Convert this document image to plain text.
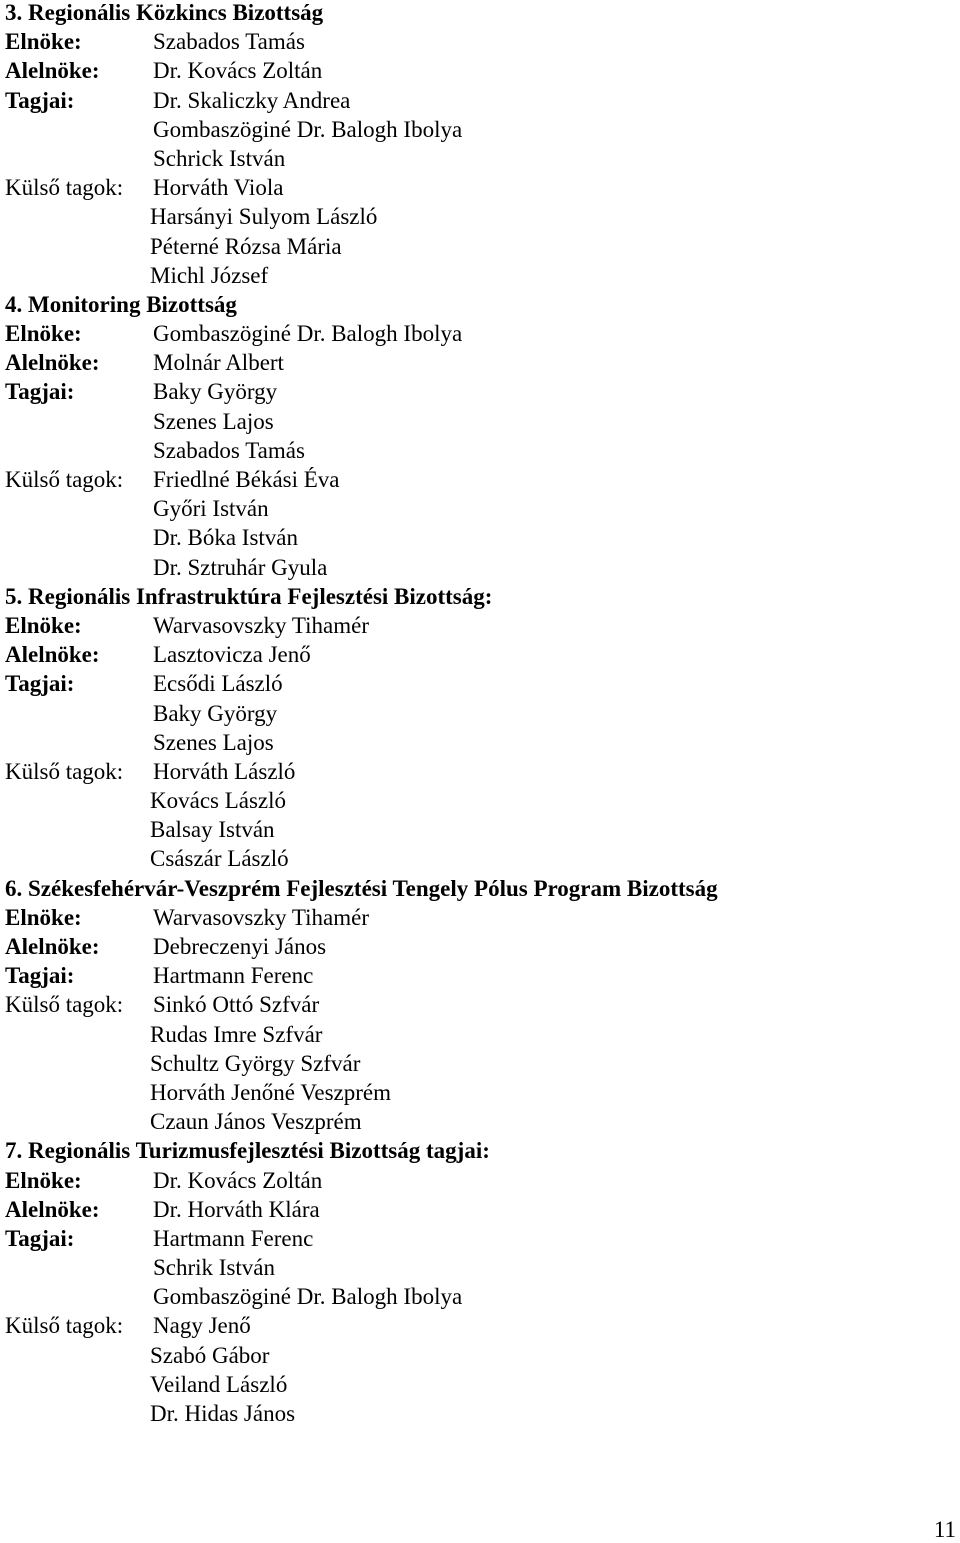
3. Regionális Közkincs Bizottság
Elnöke:	Szabados Tamás
Alelnöke: Dr. Kovács Zoltán
Tagjai:	Dr. Skaliczky Andrea
Gombaszöginé Dr. Balogh Ibolya
Schrick István
Külső tagok: Horváth Viola
Harsányi Sulyom László
Péterné Rózsa Mária
Michl József
4. Monitoring Bizottság
Elnöke:	Gombaszöginé Dr. Balogh Ibolya
Alelnöke: Molnár Albert
Tagjai:	Baky György
Szenes Lajos
Szabados Tamás
Külső tagok: Friedlné Békási Éva
Győri István
Dr. Bóka István
Dr. Sztruhár Gyula
5. Regionális Infrastruktúra Fejlesztési Bizottság:
Elnöke:	Warvasovszky Tihamér
Alelnöke: Lasztovicza Jenő
Tagjai:	Ecsődi László
Baky György
Szenes Lajos
Külső tagok: Horváth László
Kovács László
Balsay István
Császár László
6. Székesfehérvár-Veszprém Fejlesztési Tengely Pólus Program Bizottság
Elnöke:	Warvasovszky Tihamér
Alelnöke: Debreczenyi János
Tagjai:	Hartmann Ferenc
Külső tagok: Sinkó Ottó Szfvár
Rudas Imre Szfvár
Schultz György Szfvár
Horváth Jenőné Veszprém
Czaun János Veszprém
7. Regionális Turizmusfejlesztési Bizottság tagjai:
Elnöke:	Dr. Kovács Zoltán
Alelnöke: Dr. Horváth Klára
Tagjai:	Hartmann Ferenc
Schrik István
Gombaszöginé Dr. Balogh Ibolya
Külső tagok: Nagy Jenő
Szabó Gábor
Veiland László
Dr. Hidas János
11
